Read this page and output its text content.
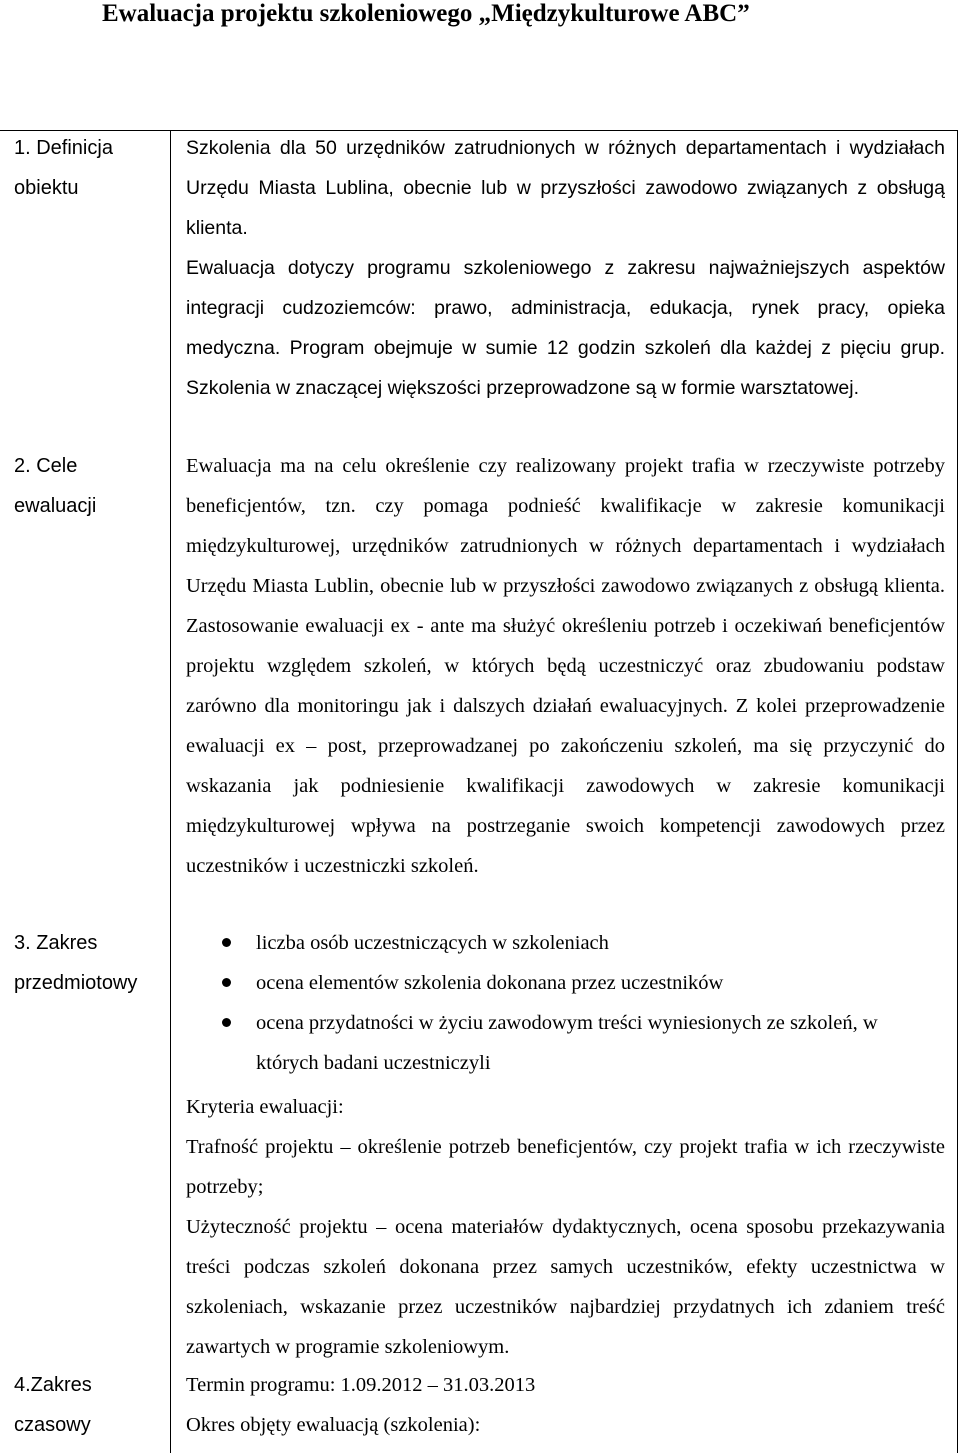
Ewaluacja projektu szkoleniowego „Międzykulturowe ABC”
1. Definicja obiektu

Szkolenia dla 50 urzędników zatrudnionych w różnych departamentach i wydziałach Urzędu Miasta Lublina, obecnie lub w przyszłości zawodowo związanych z obsługą klienta.

Ewaluacja dotyczy programu szkoleniowego z zakresu najważniejszych aspektów integracji cudzoziemców: prawo, administracja, edukacja, rynek pracy, opieka medyczna. Program obejmuje w sumie 12 godzin szkoleń dla każdej z pięciu grup. Szkolenia w znaczącej większości przeprowadzone są w formie warsztatowej.

2. Cele ewaluacji
Ewaluacja ma na celu określenie czy realizowany projekt trafia w rzeczywiste potrzeby beneficjentów, tzn. czy pomaga podnieść kwalifikacje w zakresie komunikacji międzykulturowej, urzędników zatrudnionych w różnych departamentach i wydziałach Urzędu Miasta Lublin, obecnie lub w przyszłości zawodowo związanych z obsługą klienta. Zastosowanie ewaluacji ex - ante ma służyć określeniu potrzeb i oczekiwań beneficjentów projektu względem szkoleń, w których będą uczestniczyć oraz zbudowaniu podstaw zarówno dla monitoringu jak i dalszych działań ewaluacyjnych. Z kolei przeprowadzenie ewaluacji ex – post, przeprowadzanej po zakończeniu szkoleń, ma się przyczynić do wskazania jak podniesienie kwalifikacji zawodowych w zakresie komunikacji międzykulturowej wpływa na postrzeganie swoich kompetencji zawodowych przez uczestników i uczestniczki szkoleń.
3. Zakres przedmiotowy
liczba osób uczestniczących w szkoleniach
ocena elementów szkolenia dokonana przez uczestników
ocena przydatności w życiu zawodowym treści wyniesionych ze szkoleń, w których badani uczestniczyli

Kryteria ewaluacji:

Trafność projektu – określenie potrzeb beneficjentów, czy projekt trafia w ich rzeczywiste potrzeby;

Użyteczność projektu – ocena materiałów dydaktycznych, ocena sposobu przekazywania treści podczas szkoleń dokonana przez samych uczestników, efekty uczestnictwa w szkoleniach, wskazanie przez uczestników najbardziej przydatnych ich zdaniem treść zawartych w programie szkoleniowym.

4.Zakres czasowy

Termin programu: 1.09.2012 – 31.03.2013

Okres objęty ewaluacją (szkolenia):
